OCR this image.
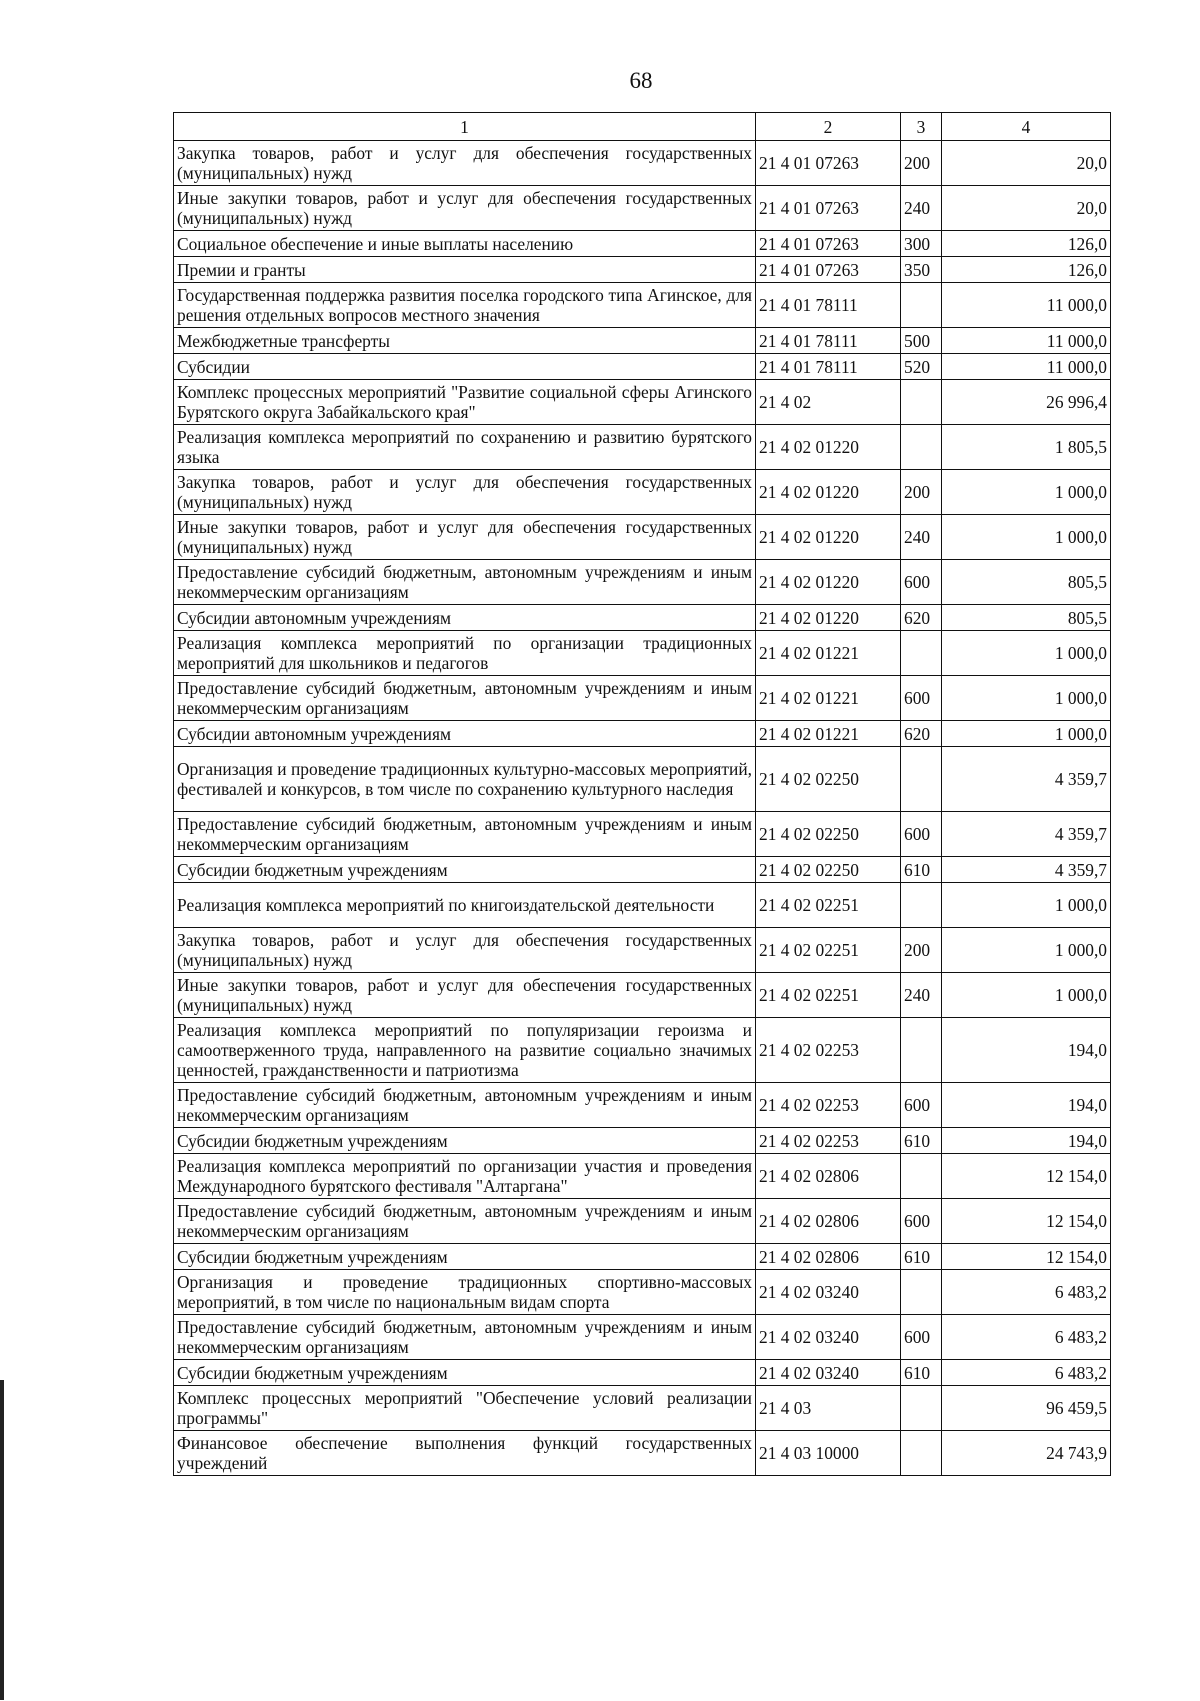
68
1	2	3	4
Закупка товаров, работ и услуг для обеспечения государственных (муниципальных) нужд	21 4 01 07263	200	20,0
Иные закупки товаров, работ и услуг для обеспечения государственных (муниципальных) нужд	21 4 01 07263	240	20,0
Социальное обеспечение и иные выплаты населению	21 4 01 07263	300	126,0
Премии и гранты	21 4 01 07263	350	126,0
Государственная поддержка развития поселка городского типа Агинское, для решения отдельных вопросов местного значения	21 4 01 78111		11 000,0
Межбюджетные трансферты	21 4 01 78111	500	11 000,0
Субсидии	21 4 01 78111	520	11 000,0
Комплекс процессных мероприятий "Развитие социальной сферы Агинского Бурятского округа Забайкальского края"	21 4 02		26 996,4
Реализация комплекса мероприятий по сохранению и развитию бурятского языка	21 4 02 01220		1 805,5
Закупка товаров, работ и услуг для обеспечения государственных (муниципальных) нужд	21 4 02 01220	200	1 000,0
Иные закупки товаров, работ и услуг для обеспечения государственных (муниципальных) нужд	21 4 02 01220	240	1 000,0
Предоставление субсидий бюджетным, автономным учреждениям и иным некоммерческим организациям	21 4 02 01220	600	805,5
Субсидии автономным учреждениям	21 4 02 01220	620	805,5
Реализация комплекса мероприятий по организации традиционных мероприятий для школьников и педагогов	21 4 02 01221		1 000,0
Предоставление субсидий бюджетным, автономным учреждениям и иным некоммерческим организациям	21 4 02 01221	600	1 000,0
Субсидии автономным учреждениям	21 4 02 01221	620	1 000,0
Организация и проведение традиционных культурно-массовых мероприятий, фестивалей и конкурсов, в том числе по сохранению культурного наследия	21 4 02 02250		4 359,7
Предоставление субсидий бюджетным, автономным учреждениям и иным некоммерческим организациям	21 4 02 02250	600	4 359,7
Субсидии бюджетным учреждениям	21 4 02 02250	610	4 359,7
Реализация комплекса мероприятий по книгоиздательской деятельности	21 4 02 02251		1 000,0
Закупка товаров, работ и услуг для обеспечения государственных (муниципальных) нужд	21 4 02 02251	200	1 000,0
Иные закупки товаров, работ и услуг для обеспечения государственных (муниципальных) нужд	21 4 02 02251	240	1 000,0
Реализация комплекса мероприятий по популяризации героизма и самоотверженного труда, направленного на развитие социально значимых ценностей, гражданственности и патриотизма	21 4 02 02253		194,0
Предоставление субсидий бюджетным, автономным учреждениям и иным некоммерческим организациям	21 4 02 02253	600	194,0
Субсидии бюджетным учреждениям	21 4 02 02253	610	194,0
Реализация комплекса мероприятий по организации участия и проведения Международного бурятского фестиваля "Алтаргана"	21 4 02 02806		12 154,0
Предоставление субсидий бюджетным, автономным учреждениям и иным некоммерческим организациям	21 4 02 02806	600	12 154,0
Субсидии бюджетным учреждениям	21 4 02 02806	610	12 154,0
Организация и проведение традиционных спортивно-массовых мероприятий, в том числе по национальным видам спорта	21 4 02 03240		6 483,2
Предоставление субсидий бюджетным, автономным учреждениям и иным некоммерческим организациям	21 4 02 03240	600	6 483,2
Субсидии бюджетным учреждениям	21 4 02 03240	610	6 483,2
Комплекс процессных мероприятий "Обеспечение условий реализации программы"	21 4 03		96 459,5
Финансовое обеспечение выполнения функций государственных учреждений	21 4 03 10000		24 743,9
